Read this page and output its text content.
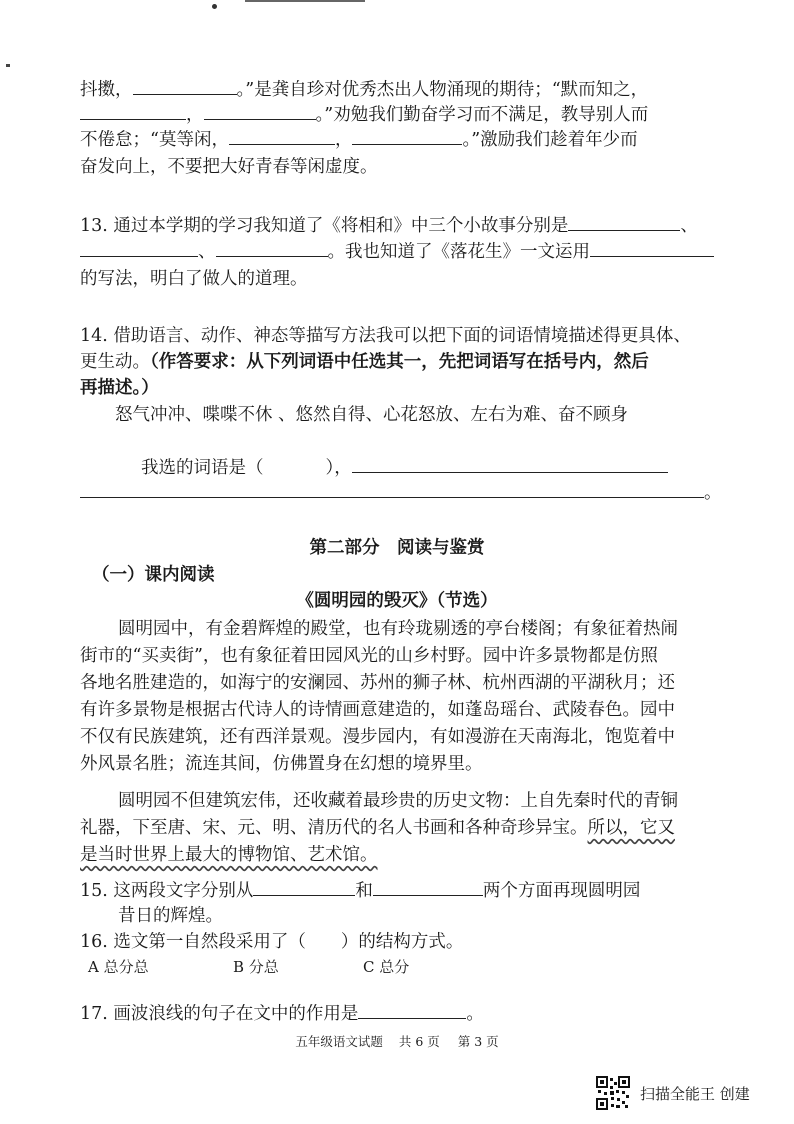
抖擞，	。”是龚自珍对优秀杰出人物涌现的期待；“默而知之，
，	。”劝勉我们勤奋学习而不满足，教导别人而
不倦怠；“莫等闲，	，	。”激励我们趁着年少而
奋发向上，不要把大好青春等闲虚度。
13. 通过本学期的学习我知道了《将相和》中三个小故事分别是	、
、	。我也知道了《落花生》一文运用
的写法，明白了做人的道理。
14. 借助语言、动作、神态等描写方法我可以把下面的词语情境描述得更具体、
更生动。（作答要求：从下列词语中任选其一，先把词语写在括号内，然后
再描述。）
怒气冲冲、喋喋不休 、悠然自得、心花怒放、左右为难、奋不顾身
我选的词语是（	），
。
第二部分　阅读与鉴赏
（一）课内阅读
《圆明园的毁灭》（节选）
圆明园中，有金碧辉煌的殿堂，也有玲珑剔透的亭台楼阁；有象征着热闹
街市的“买卖街”，也有象征着田园风光的山乡村野。园中许多景物都是仿照
各地名胜建造的，如海宁的安澜园、苏州的狮子林、杭州西湖的平湖秋月；还
有许多景物是根据古代诗人的诗情画意建造的，如蓬岛瑶台、武陵春色。园中
不仅有民族建筑，还有西洋景观。漫步园内，有如漫游在天南海北，饱览着中
外风景名胜；流连其间，仿佛置身在幻想的境界里。
圆明园不但建筑宏伟，还收藏着最珍贵的历史文物：上自先秦时代的青铜
礼器，下至唐、宋、元、明、清历代的名人书画和各种奇珍异宝。所以，它又
是当时世界上最大的博物馆、艺术馆。
15. 这两段文字分别从	和	两个方面再现圆明园
昔日的辉煌。
16. 选文第一自然段采用了（　　）的结构方式。
A 总分总	B 分总	C 总分
17. 画波浪线的句子在文中的作用是	。
五年级语文试题 共 6 页 第 3 页
扫描全能王 创建
